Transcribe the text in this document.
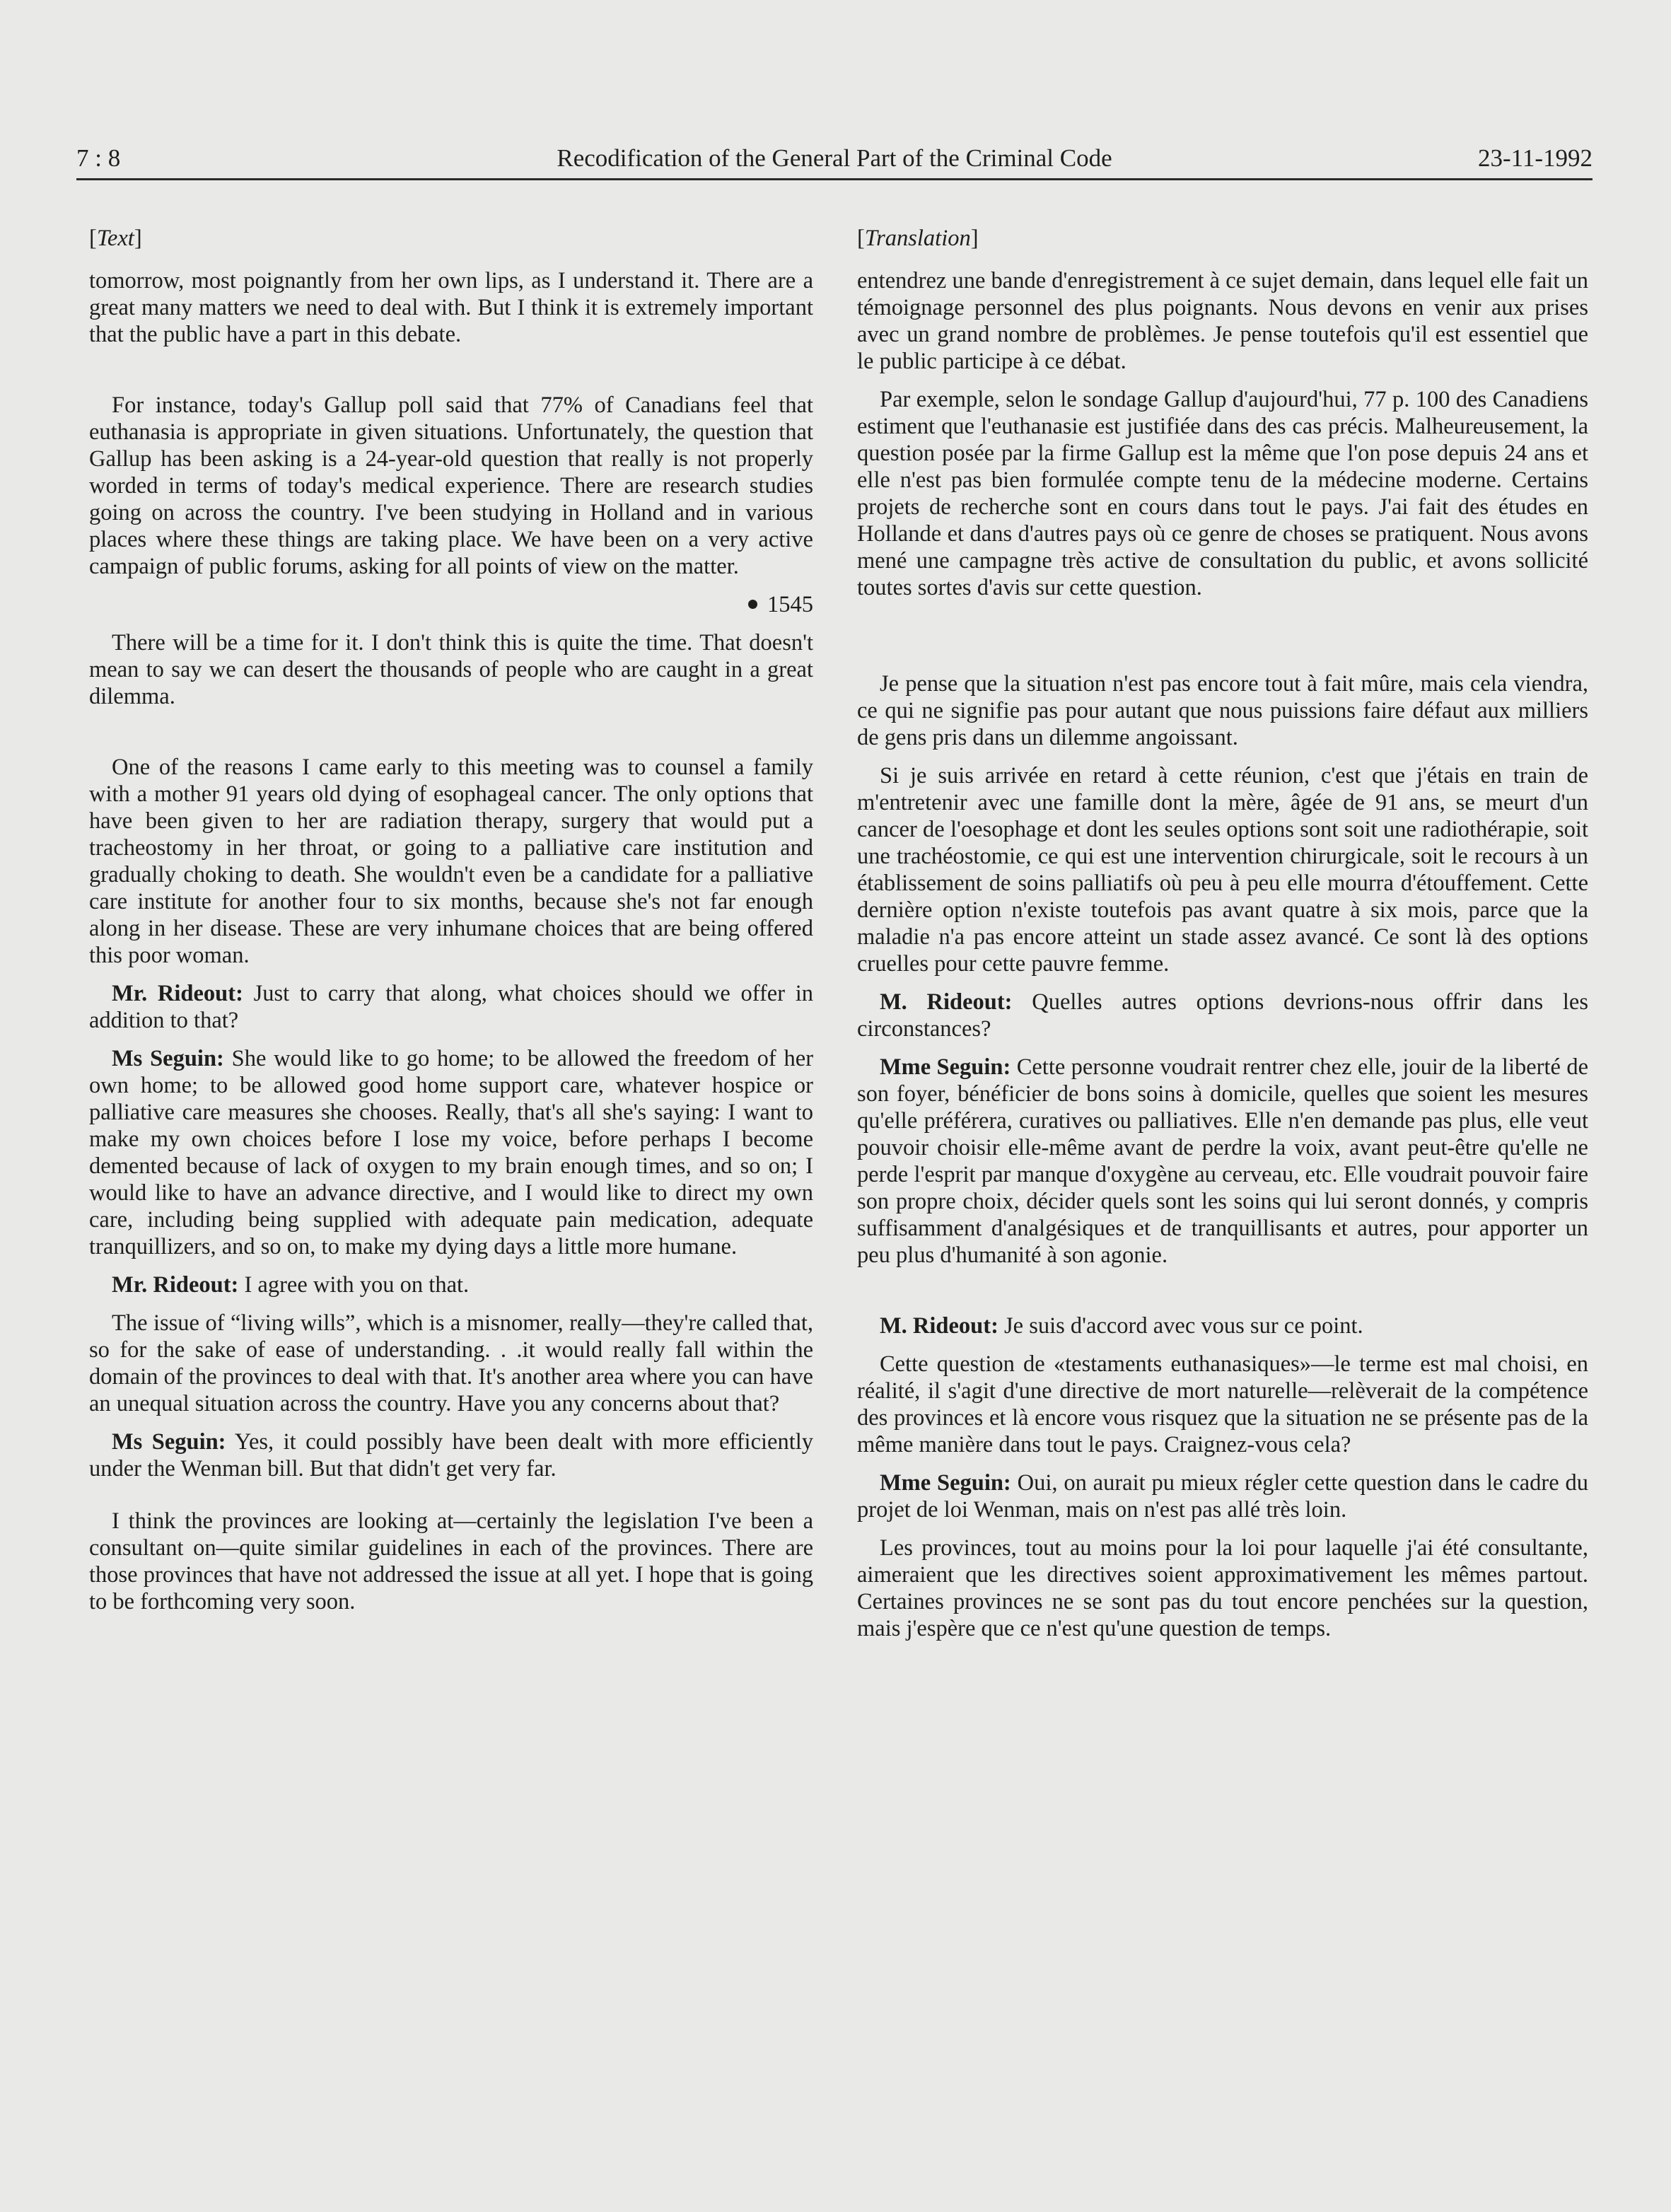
7 : 8	Recodification of the General Part of the Criminal Code	23-11-1992

[ Text ]

tomorrow, most poignantly from her own lips, as I understand it. There are a great many matters we need to deal with. But I think it is extremely important that the public have a part in this debate.

For instance, today's Gallup poll said that 77% of Canadians feel that euthanasia is appropriate in given situations. Unfortunately, the question that Gallup has been asking is a 24-year-old question that really is not properly worded in terms of today's medical experience. There are research studies going on across the country. I've been studying in Holland and in various places where these things are taking place. We have been on a very active campaign of public forums, asking for all points of view on the matter.

1545

There will be a time for it. I don't think this is quite the time. That doesn't mean to say we can desert the thousands of people who are caught in a great dilemma.

One of the reasons I came early to this meeting was to counsel a family with a mother 91 years old dying of esophageal cancer. The only options that have been given to her are radiation therapy, surgery that would put a tracheostomy in her throat, or going to a palliative care institution and gradually choking to death. She wouldn't even be a candidate for a palliative care institute for another four to six months, because she's not far enough along in her disease. These are very inhumane choices that are being offered this poor woman.

Mr. Rideout: Just to carry that along, what choices should we offer in addition to that?

Ms Seguin: She would like to go home; to be allowed the freedom of her own home; to be allowed good home support care, whatever hospice or palliative care measures she chooses. Really, that's all she's saying: I want to make my own choices before I lose my voice, before perhaps I become demented because of lack of oxygen to my brain enough times, and so on; I would like to have an advance directive, and I would like to direct my own care, including being supplied with adequate pain medication, adequate tranquillizers, and so on, to make my dying days a little more humane.

Mr. Rideout: I agree with you on that.

The issue of “living wills”, which is a misnomer, really—they're called that, so for the sake of ease of understanding. . .it would really fall within the domain of the provinces to deal with that. It's another area where you can have an unequal situation across the country. Have you any concerns about that?

Ms Seguin: Yes, it could possibly have been dealt with more efficiently under the Wenman bill. But that didn't get very far.

I think the provinces are looking at—certainly the legislation I've been a consultant on—quite similar guidelines in each of the provinces. There are those provinces that have not addressed the issue at all yet. I hope that is going to be forthcoming very soon.

[ Translation ]

entendrez une bande d'enregistrement à ce sujet demain, dans lequel elle fait un témoignage personnel des plus poignants. Nous devons en venir aux prises avec un grand nombre de problèmes. Je pense toutefois qu'il est essentiel que le public participe à ce débat.

Par exemple, selon le sondage Gallup d'aujourd'hui, 77 p. 100 des Canadiens estiment que l'euthanasie est justifiée dans des cas précis. Malheureusement, la question posée par la firme Gallup est la même que l'on pose depuis 24 ans et elle n'est pas bien formulée compte tenu de la médecine moderne. Certains projets de recherche sont en cours dans tout le pays. J'ai fait des études en Hollande et dans d'autres pays où ce genre de choses se pratiquent. Nous avons mené une campagne très active de consultation du public, et avons sollicité toutes sortes d'avis sur cette question.

Je pense que la situation n'est pas encore tout à fait mûre, mais cela viendra, ce qui ne signifie pas pour autant que nous puissions faire défaut aux milliers de gens pris dans un dilemme angoissant.

Si je suis arrivée en retard à cette réunion, c'est que j'étais en train de m'entretenir avec une famille dont la mère, âgée de 91 ans, se meurt d'un cancer de l'oesophage et dont les seules options sont soit une radiothérapie, soit une trachéostomie, ce qui est une intervention chirurgicale, soit le recours à un établissement de soins palliatifs où peu à peu elle mourra d'étouffement. Cette dernière option n'existe toutefois pas avant quatre à six mois, parce que la maladie n'a pas encore atteint un stade assez avancé. Ce sont là des options cruelles pour cette pauvre femme.

M. Rideout: Quelles autres options devrions-nous offrir dans les circonstances?

Mme Seguin: Cette personne voudrait rentrer chez elle, jouir de la liberté de son foyer, bénéficier de bons soins à domicile, quelles que soient les mesures qu'elle préférera, curatives ou palliatives. Elle n'en demande pas plus, elle veut pouvoir choisir elle-même avant de perdre la voix, avant peut-être qu'elle ne perde l'esprit par manque d'oxygène au cerveau, etc. Elle voudrait pouvoir faire son propre choix, décider quels sont les soins qui lui seront donnés, y compris suffisamment d'analgésiques et de tranquillisants et autres, pour apporter un peu plus d'humanité à son agonie.

M. Rideout: Je suis d'accord avec vous sur ce point.

Cette question de «testaments euthanasiques»—le terme est mal choisi, en réalité, il s'agit d'une directive de mort naturelle—relèverait de la compétence des provinces et là encore vous risquez que la situation ne se présente pas de la même manière dans tout le pays. Craignez-vous cela?

Mme Seguin: Oui, on aurait pu mieux régler cette question dans le cadre du projet de loi Wenman, mais on n'est pas allé très loin.

Les provinces, tout au moins pour la loi pour laquelle j'ai été consultante, aimeraient que les directives soient approximativement les mêmes partout. Certaines provinces ne se sont pas du tout encore penchées sur la question, mais j'espère que ce n'est qu'une question de temps.
